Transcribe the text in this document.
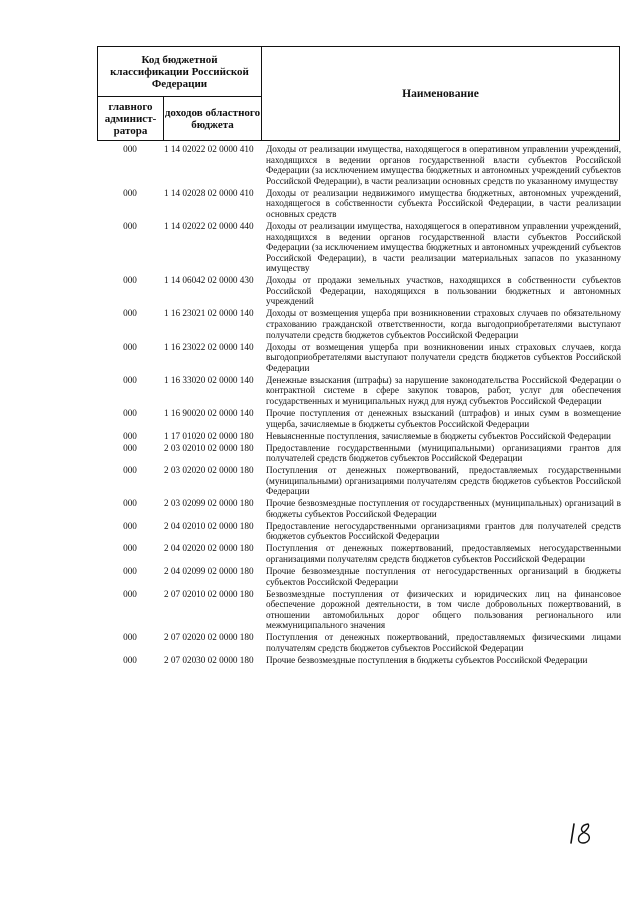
Код бюджетной классификации Российской Федерации
главного админист-ратора
доходов областного бюджета
Наименование
000	1 14 02022 02 0000 410	Доходы от реализации имущества, находящегося в оперативном управлении учреждений, находящихся в ведении органов государственной власти субъектов Российской Федерации (за исключением имущества бюджетных и автономных учреждений субъектов Российской Федерации), в части реализации основных средств по указанному имуществу
000	1 14 02028 02 0000 410	Доходы от реализации недвижимого имущества бюджетных, автономных учреждений, находящегося в собственности субъекта Российской Федерации, в части реализации основных средств
000	1 14 02022 02 0000 440	Доходы от реализации имущества, находящегося в оперативном управлении учреждений, находящихся в ведении органов государственной власти субъектов Российской Федерации (за исключением имущества бюджетных и автономных учреждений субъектов Российской Федерации), в части реализации материальных запасов по указанному имуществу
000	1 14 06042 02 0000 430	Доходы от продажи земельных участков, находящихся в собственности субъектов Российской Федерации, находящихся в пользовании бюджетных и автономных учреждений
000	1 16 23021 02 0000 140	Доходы от возмещения ущерба при возникновении страховых случаев по обязательному страхованию гражданской ответственности, когда выгодоприобретателями выступают получатели средств бюджетов субъектов Российской Федерации
000	1 16 23022 02 0000 140	Доходы от возмещения ущерба при возникновении иных страховых случаев, когда выгодоприобретателями выступают получатели средств бюджетов субъектов Российской Федерации
000	1 16 33020 02 0000 140	Денежные взыскания (штрафы) за нарушение законодательства Российской Федерации о контрактной системе в сфере закупок товаров, работ, услуг для обеспечения государственных и муниципальных нужд для нужд субъектов Российской Федерации
000	1 16 90020 02 0000 140	Прочие поступления от денежных взысканий (штрафов) и иных сумм в возмещение ущерба, зачисляемые в бюджеты субъектов Российской Федерации
000	1 17 01020 02 0000 180	Невыясненные поступления, зачисляемые в бюджеты субъектов Российской Федерации
000	2 03 02010 02 0000 180	Предоставление государственными (муниципальными) организациями грантов для получателей средств бюджетов субъектов Российской Федерации
000	2 03 02020 02 0000 180	Поступления от денежных пожертвований, предоставляемых государственными (муниципальными) организациями получателям средств бюджетов субъектов Российской Федерации
000	2 03 02099 02 0000 180	Прочие безвозмездные поступления от государственных (муниципальных) организаций в бюджеты субъектов Российской Федерации
000	2 04 02010 02 0000 180	Предоставление негосударственными организациями грантов для получателей средств бюджетов субъектов Российской Федерации
000	2 04 02020 02 0000 180	Поступления от денежных пожертвований, предоставляемых негосударственными организациями получателям средств бюджетов субъектов Российской Федерации
000	2 04 02099 02 0000 180	Прочие безвозмездные поступления от негосударственных организаций в бюджеты субъектов Российской Федерации
000	2 07 02010 02 0000 180	Безвозмездные поступления от физических и юридических лиц на финансовое обеспечение дорожной деятельности, в том числе добровольных пожертвований, в отношении автомобильных дорог общего пользования регионального или межмуниципального значения
000	2 07 02020 02 0000 180	Поступления от денежных пожертвований, предоставляемых физическими лицами получателям средств бюджетов субъектов Российской Федерации
000	2 07 02030 02 0000 180	Прочие безвозмездные поступления в бюджеты субъектов Российской Федерации
